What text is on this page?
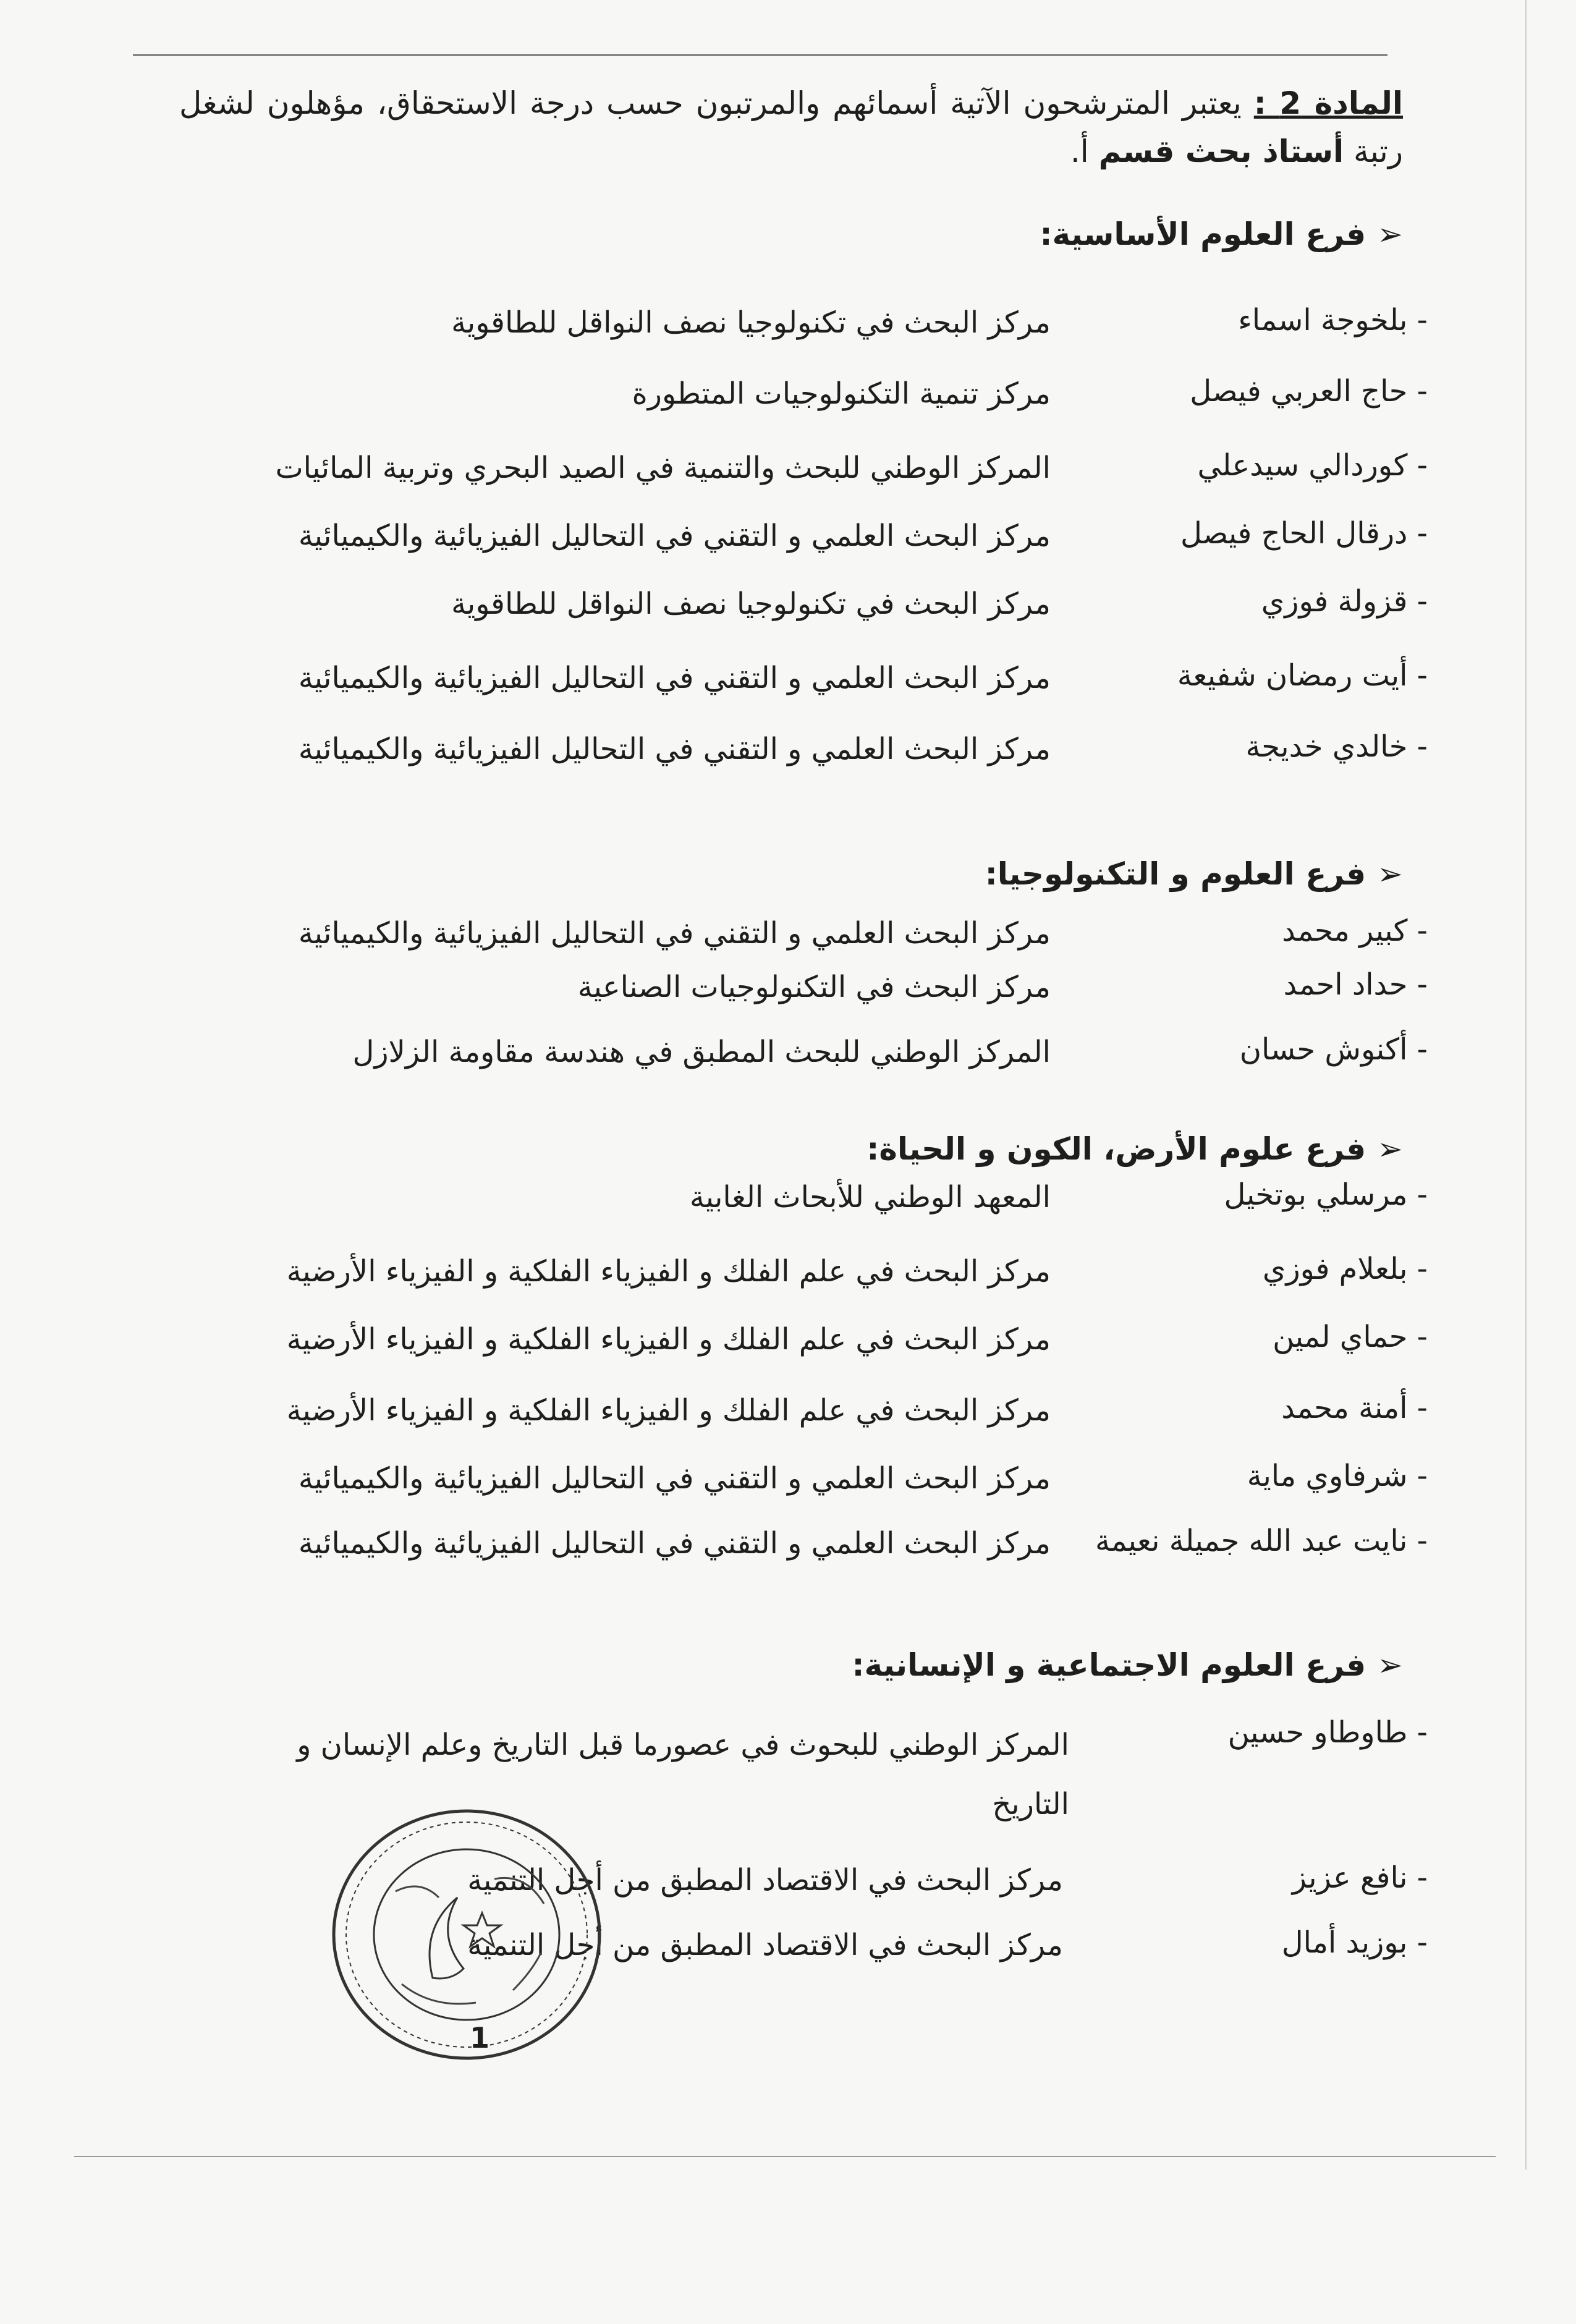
المادة 2 : يعتبر المترشحون الآتية أسمائهم والمرتبون حسب درجة الاستحقاق، مؤهلون لشغل رتبة أستاذ بحث قسم أ.
➢فرع العلوم الأساسية:
- بلخوجة اسماء
مركز البحث في تكنولوجيا نصف النواقل للطاقوية
- حاج العربي فيصل
مركز تنمية التكنولوجيات المتطورة
- كوردالي سيدعلي
المركز الوطني للبحث والتنمية في الصيد البحري وتربية المائيات
- درقال الحاج فيصل
مركز البحث العلمي و التقني في التحاليل الفيزيائية والكيميائية
- قزولة فوزي
مركز البحث في تكنولوجيا نصف النواقل للطاقوية
- أيت رمضان شفيعة
مركز البحث العلمي و التقني في التحاليل الفيزيائية والكيميائية
- خالدي خديجة
مركز البحث العلمي و التقني في التحاليل الفيزيائية والكيميائية
➢فرع العلوم و التكنولوجيا:
- كبير محمد
مركز البحث العلمي و التقني في التحاليل الفيزيائية والكيميائية
- حداد احمد
مركز البحث في التكنولوجيات الصناعية
- أكنوش حسان
المركز الوطني للبحث المطبق في هندسة مقاومة الزلازل
➢فرع علوم الأرض، الكون و الحياة:
- مرسلي بوتخيل
المعهد الوطني للأبحاث الغابية
- بلعلام فوزي
مركز البحث في علم الفلك و الفيزياء الفلكية و الفيزياء الأرضية
- حماي لمين
مركز البحث في علم الفلك و الفيزياء الفلكية و الفيزياء الأرضية
- أمنة محمد
مركز البحث في علم الفلك و الفيزياء الفلكية و الفيزياء الأرضية
- شرفاوي ماية
مركز البحث العلمي و التقني في التحاليل الفيزيائية والكيميائية
- نايت عبد الله جميلة نعيمة
مركز البحث العلمي و التقني في التحاليل الفيزيائية والكيميائية
➢فرع العلوم الاجتماعية و الإنسانية:
- طاوطاو حسين
المركز الوطني للبحوث في عصورما قبل التاريخ وعلم الإنسان و التاريخ
- نافع عزيز
مركز البحث في الاقتصاد المطبق من أجل التنمية
- بوزيد أمال
مركز البحث في الاقتصاد المطبق من أجل التنمية
1
